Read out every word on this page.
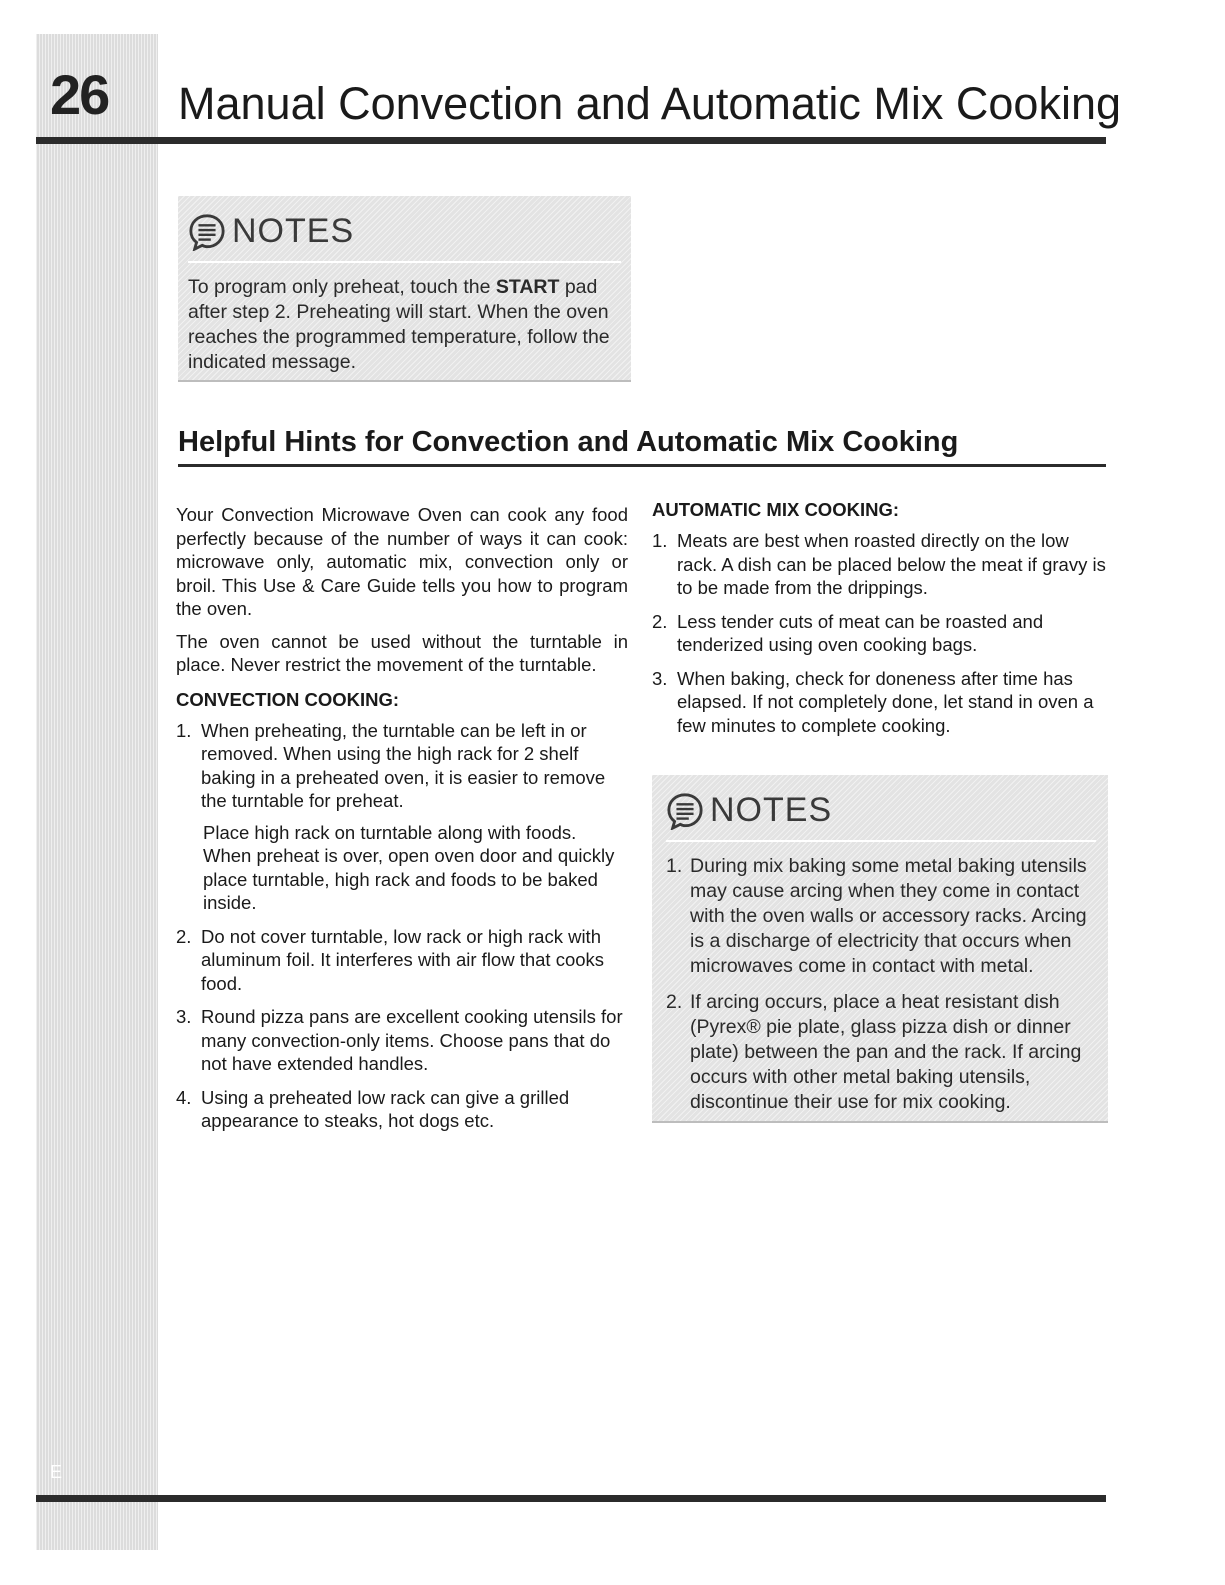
26
E
Manual Convection and Automatic Mix Cooking
NOTES

To program only preheat, touch the START pad after step 2. Preheating will start. When the oven reaches the programmed temperature, follow the indicated message.

Helpful Hints for Convection and Automatic Mix Cooking

Your Convection Microwave Oven can cook any food perfectly because of the number of ways it can cook: microwave only, automatic mix, convection only or broil. This Use & Care Guide tells you how to program the oven.

The oven cannot be used without the turntable in place. Never restrict the movement of the turntable.

CONVECTION COOKING:
1. When preheating, the turntable can be left in or removed. When using the high rack for 2 shelf baking in a preheated oven, it is easier to remove the turntable for preheat.
Place high rack on turntable along with foods. When preheat is over, open oven door and quickly place turntable, high rack and foods to be baked inside.
2. Do not cover turntable, low rack or high rack with aluminum foil. It interferes with air flow that cooks food.
3. Round pizza pans are excellent cooking utensils for many convection-only items. Choose pans that do not have extended handles.
4. Using a preheated low rack can give a grilled appearance to steaks, hot dogs etc.
AUTOMATIC MIX COOKING:
1. Meats are best when roasted directly on the low rack. A dish can be placed below the meat if gravy is to be made from the drippings.
2. Less tender cuts of meat can be roasted and tenderized using oven cooking bags.
3. When baking, check for doneness after time has elapsed. If not completely done, let stand in oven a few minutes to complete cooking.
NOTES
1. During mix baking some metal baking utensils may cause arcing when they come in contact with the oven walls or accessory racks. Arcing is a discharge of electricity that occurs when microwaves come in contact with metal.
2. If arcing occurs, place a heat resistant dish (Pyrex® pie plate, glass pizza dish or dinner plate) between the pan and the rack. If arcing occurs with other metal baking utensils, discontinue their use for mix cooking.
